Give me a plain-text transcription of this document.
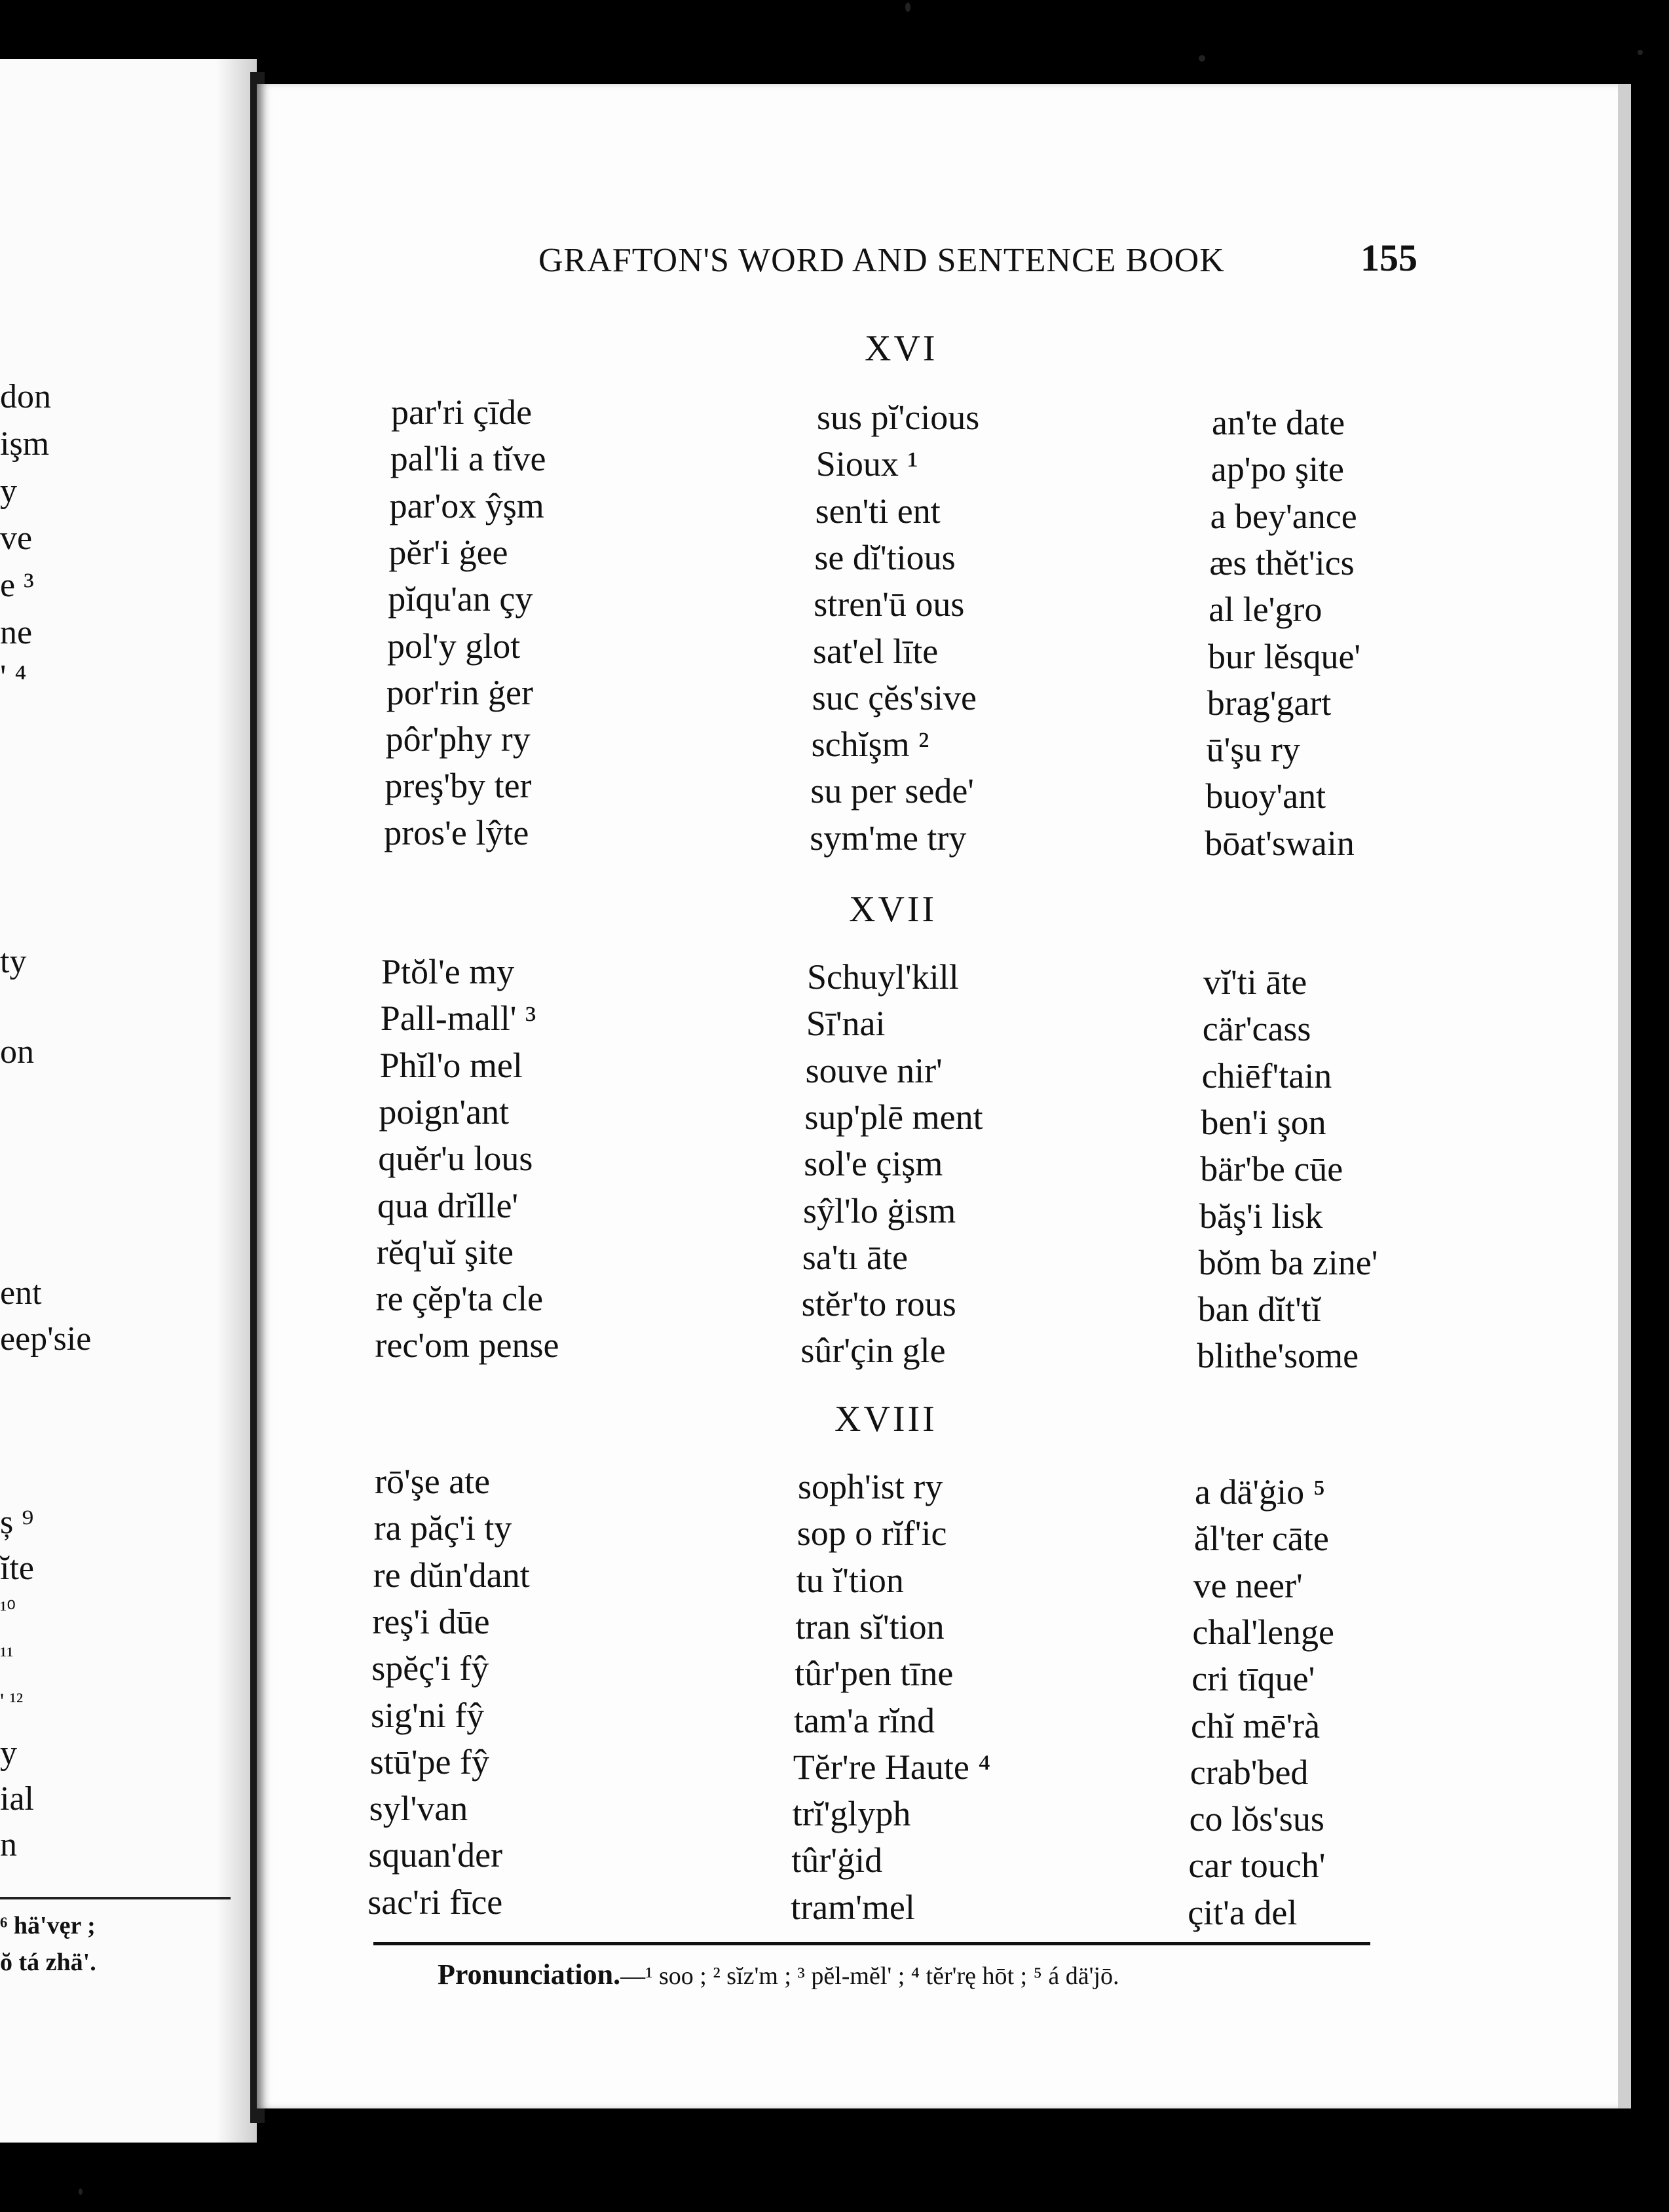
don
işm
y
ve
e ³
ne
' ⁴
ty
on
ent
eep'sie
ș ⁹
ĭte
¹⁰
¹¹
' ¹²
y
ial
n
⁶ hä'vęr ;
ŏ tá zhä'.
GRAFTON'S WORD AND SENTENCE BOOK	155
XVI
XVII
XVIII
par'ri çīde
pal'li a tĭve
par'ox ŷşm
pĕr'i ġee
pĭqu'an çy
pol'y glot
por'rin ġer
pôr'phy ry
preş'by ter
pros'e lŷte
sus pĭ'cious
Sioux ¹
sen'ti ent
se dĭ'tious
stren'ū ous
sat'el līte
suc çĕs'sive
schĭşm ²
su per sede'
sym'me try
an'te date
ap'po şite
a bey'ance
æs thĕt'ics
al le'gro
bur lĕsque'
brag'gart
ū'şu ry
buoy'ant
bōat'swain
Ptŏl'e my
Pall-mall' ³
Phĭl'o mel
poign'ant
quĕr'u lous
qua drĭlle'
rĕq'uĭ şite
re çĕp'ta cle
rec'om pense
Schuyl'kill
Sī'nai
souve nir'
sup'plē ment
sol'e çişm
sŷl'lo ġism
sa'tı āte
stĕr'to rous
sûr'çin gle
vĭ'ti āte
cär'cass
chiēf'tain
ben'i şon
bär'be cūe
băş'i lisk
bŏm ba zine'
ban dĭt'tĭ
blithe'some
rō'şe ate
ra păç'i ty
re dŭn'dant
reş'i dūe
spĕç'i fŷ
sig'ni fŷ
stū'pe fŷ
syl'van
squan'der
sac'ri fīce
soph'ist ry
sop o rĭf'ic
tu ĭ'tion
tran sĭ'tion
tûr'pen tīne
tam'a rĭnd
Tĕr're Haute ⁴
trĭ'glyph
tûr'ġid
tram'mel
a dä'ġio ⁵
ăl'ter cāte
ve neer'
chal'lenge
cri tīque'
chĭ mē'rà
crab'bed
co lŏs'sus
car touch'
çit'a del
Pronunciation.—¹ soo ; ² sĭz'm ; ³ pĕl-mĕl' ; ⁴ tĕr'rę hōt ; ⁵ á dä'jō.
